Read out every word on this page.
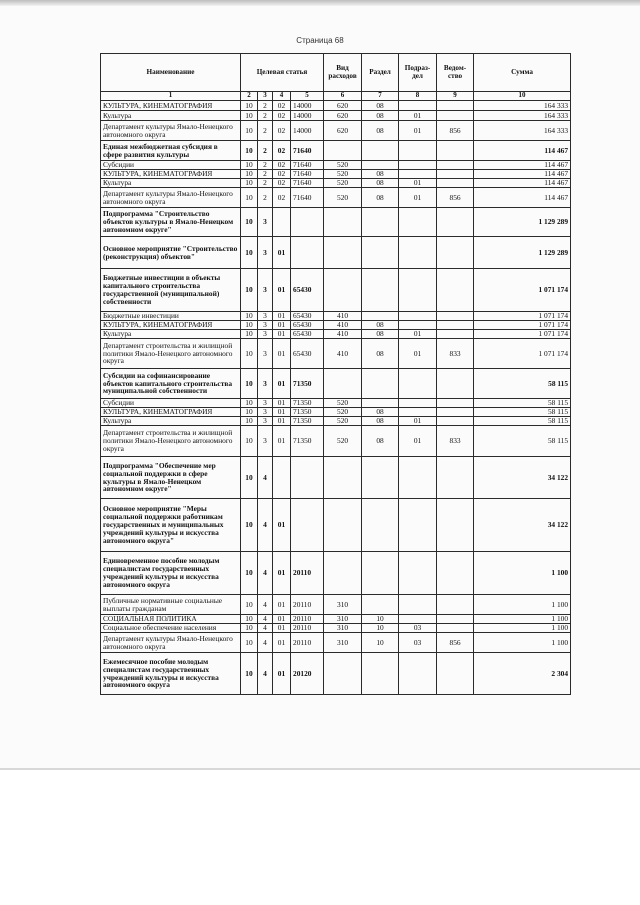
Страница 68
Наименование	Целевая статья				Вид расходов	Раздел	Подраз-дел	Ведом-ство	Сумма
1	2	3	4	5	6	7	8	9	10
КУЛЬТУРА, КИНЕМАТОГРАФИЯ	10	2	02	14000	620	08			164 333
Культура	10	2	02	14000	620	08	01		164 333
Департамент культуры Ямало-Ненецкого автономного округа	10	2	02	14000	620	08	01	856	164 333
Единая межбюджетная субсидия в сфере развития культуры	10	2	02	71640					114 467
Субсидии	10	2	02	71640	520				114 467
КУЛЬТУРА, КИНЕМАТОГРАФИЯ	10	2	02	71640	520	08			114 467
Культура	10	2	02	71640	520	08	01		114 467
Департамент культуры Ямало-Ненецкого автономного округа	10	2	02	71640	520	08	01	856	114 467
Подпрограмма "Строительство объектов культуры в Ямало-Ненецком автономном округе"	10	3							1 129 289
Основное мероприятие "Строительство (реконструкция) объектов"	10	3	01						1 129 289
Бюджетные инвестиции в объекты капитального строительства государственной (муниципальной) собственности	10	3	01	65430					1 071 174
Бюджетные инвестиции	10	3	01	65430	410				1 071 174
КУЛЬТУРА, КИНЕМАТОГРАФИЯ	10	3	01	65430	410	08			1 071 174
Культура	10	3	01	65430	410	08	01		1 071 174
Департамент строительства и жилищной политики Ямало-Ненецкого автономного округа	10	3	01	65430	410	08	01	833	1 071 174
Субсидии на софинансирование объектов капитального строительства муниципальной собственности	10	3	01	71350					58 115
Субсидии	10	3	01	71350	520				58 115
КУЛЬТУРА, КИНЕМАТОГРАФИЯ	10	3	01	71350	520	08			58 115
Культура	10	3	01	71350	520	08	01		58 115
Департамент строительства и жилищной политики Ямало-Ненецкого автономного округа	10	3	01	71350	520	08	01	833	58 115
Подпрограмма "Обеспечение мер социальной поддержки в сфере культуры в Ямало-Ненецком автономном округе"	10	4							34 122
Основное мероприятие "Меры социальной поддержки работникам государственных и муниципальных учреждений культуры и искусства автономного округа"	10	4	01						34 122
Единовременное пособие молодым специалистам государственных учреждений культуры и искусства автономного округа	10	4	01	20110					1 100
Публичные нормативные социальные выплаты гражданам	10	4	01	20110	310				1 100
СОЦИАЛЬНАЯ ПОЛИТИКА	10	4	01	20110	310	10			1 100
Социальное обеспечение населения	10	4	01	20110	310	10	03		1 100
Департамент культуры Ямало-Ненецкого автономного округа	10	4	01	20110	310	10	03	856	1 100
Ежемесячное пособие молодым специалистам государственных учреждений культуры и искусства автономного округа	10	4	01	20120					2 304
